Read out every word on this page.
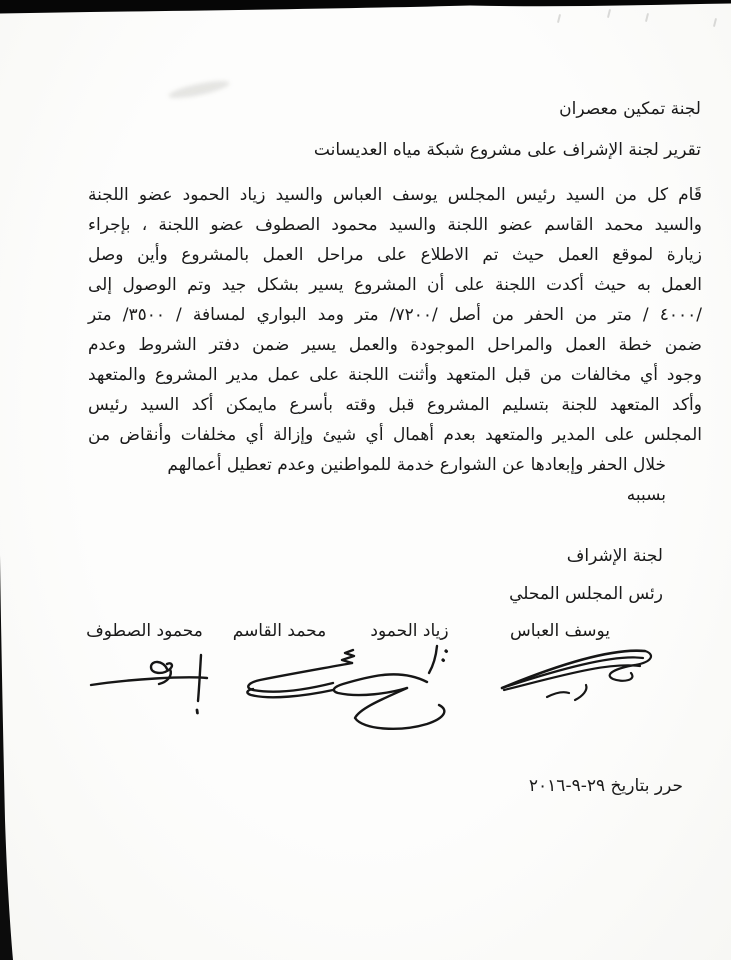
لجنة تمكين معصران
تقرير لجنة الإشراف على مشروع شبكة مياه العديسانت
قَام كل من السيد رئيس المجلس يوسف العباس والسيد زياد الحمود عضو اللجنة
والسيد محمد القاسم عضو اللجنة والسيد محمود الصطوف عضو اللجنة ، بإجراء
زيارة لموقع العمل حيث تم الاطلاع على مراحل العمل بالمشروع وأين وصل
العمل به حيث أكدت اللجنة على أن المشروع يسير بشكل جيد وتم الوصول إلى
/٤٠٠٠ / متر من الحفر من أصل /٧٢٠٠/ متر ومد البواري لمسافة / ٣٥٠٠/ متر
ضمن خطة العمل والمراحل الموجودة والعمل يسير ضمن دفتر الشروط وعدم
وجود أي مخالفات من قبل المتعهد وأثنت اللجنة على عمل مدير المشروع والمتعهد
وأكد المتعهد للجنة بتسليم المشروع قبل وقته بأسرع مايمكن أكد السيد رئيس
المجلس على المدير والمتعهد بعدم أهمال أي شيئ وإزالة أي مخلفات وأنقاض من
خلال الحفر وإبعادها عن الشوارع خدمة للمواطنين وعدم تعطيل أعمالهم بسببه
لجنة الإشراف
رئس المجلس المحلي
يوسف العباس
زياد الحمود
محمد القاسم
محمود الصطوف
حرر بتاريخ ٢٩-٩-٢٠١٦
